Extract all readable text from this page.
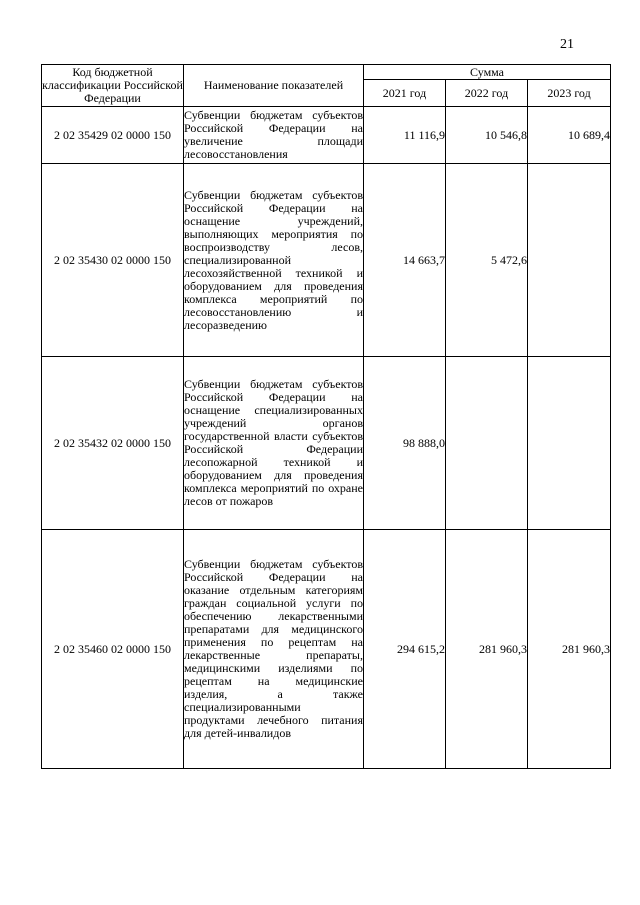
21
Код бюджетной классификации Российской Федерации	Наименование показателей	Сумма		
		2021 год	2022 год	2023 год
2 02 35429 02 0000 150	Субвенции бюджетам субъектов Российской Федерации на увеличение площади лесовосстановления	11 116,9	10 546,8	10 689,4
2 02 35430 02 0000 150	Субвенции бюджетам субъектов Российской Федерации на оснащение учреждений, выполняющих мероприятия по воспроизводству лесов, специализированной лесохозяйственной техникой и оборудованием для проведения комплекса мероприятий по лесовосстановлению и лесоразведению	14 663,7	5 472,6	
2 02 35432 02 0000 150	Субвенции бюджетам субъектов Российской Федерации на оснащение специализированных учреждений органов государственной власти субъектов Российской Федерации лесопожарной техникой и оборудованием для проведения комплекса мероприятий по охране лесов от пожаров	98 888,0		
2 02 35460 02 0000 150	Субвенции бюджетам субъектов Российской Федерации на оказание отдельным категориям граждан социальной услуги по обеспечению лекарственными препаратами для медицинского применения по рецептам на лекарственные препараты, медицинскими изделиями по рецептам на медицинские изделия, а также специализированными продуктами лечебного питания для детей-инвалидов	294 615,2	281 960,3	281 960,3
